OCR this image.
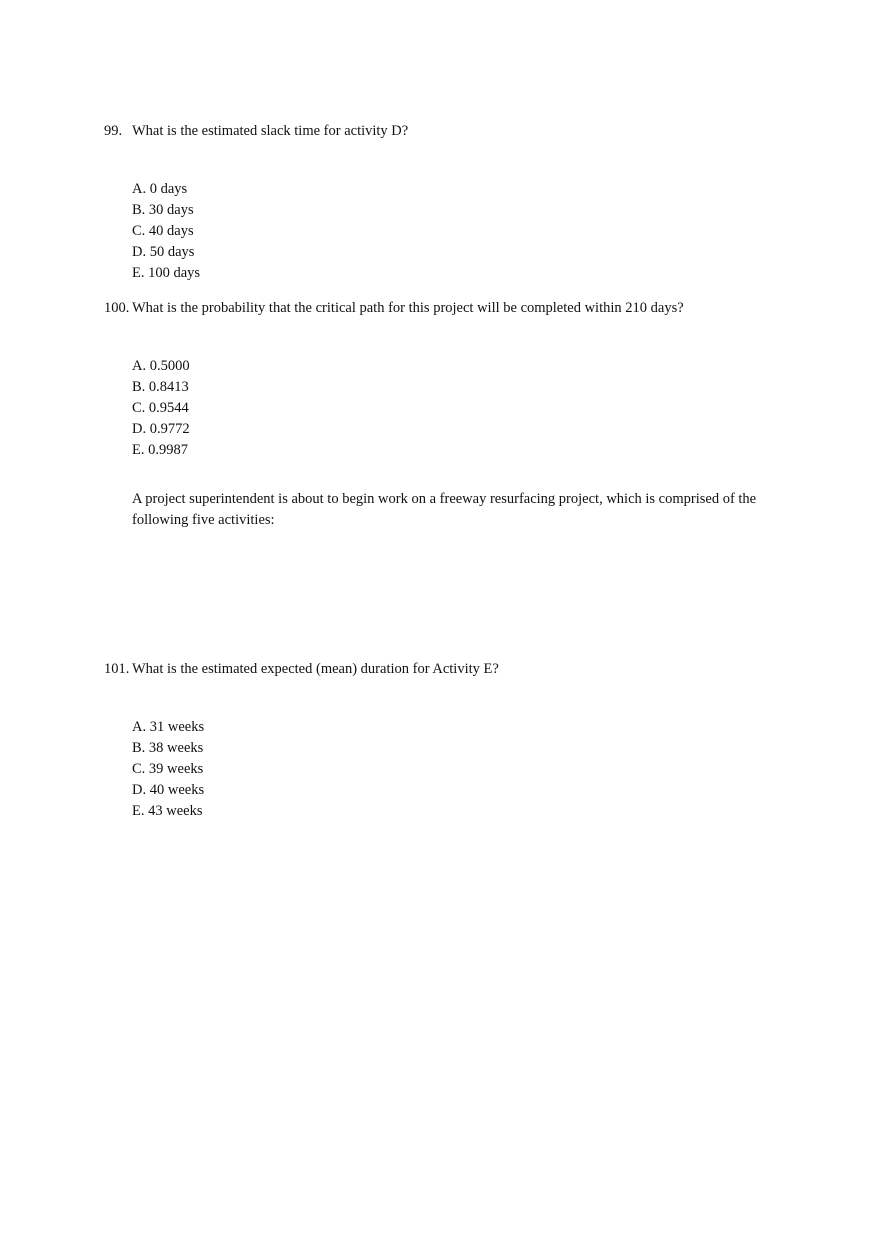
99. What is the estimated slack time for activity D?
A. 0 days
B. 30 days
C. 40 days
D. 50 days
E. 100 days
100. What is the probability that the critical path for this project will be completed within 210 days?
A. 0.5000
B. 0.8413
C. 0.9544
D. 0.9772
E. 0.9987

A project superintendent is about to begin work on a freeway resurfacing project, which is comprised of the following five activities:

101. What is the estimated expected (mean) duration for Activity E?
A. 31 weeks
B. 38 weeks
C. 39 weeks
D. 40 weeks
E. 43 weeks
